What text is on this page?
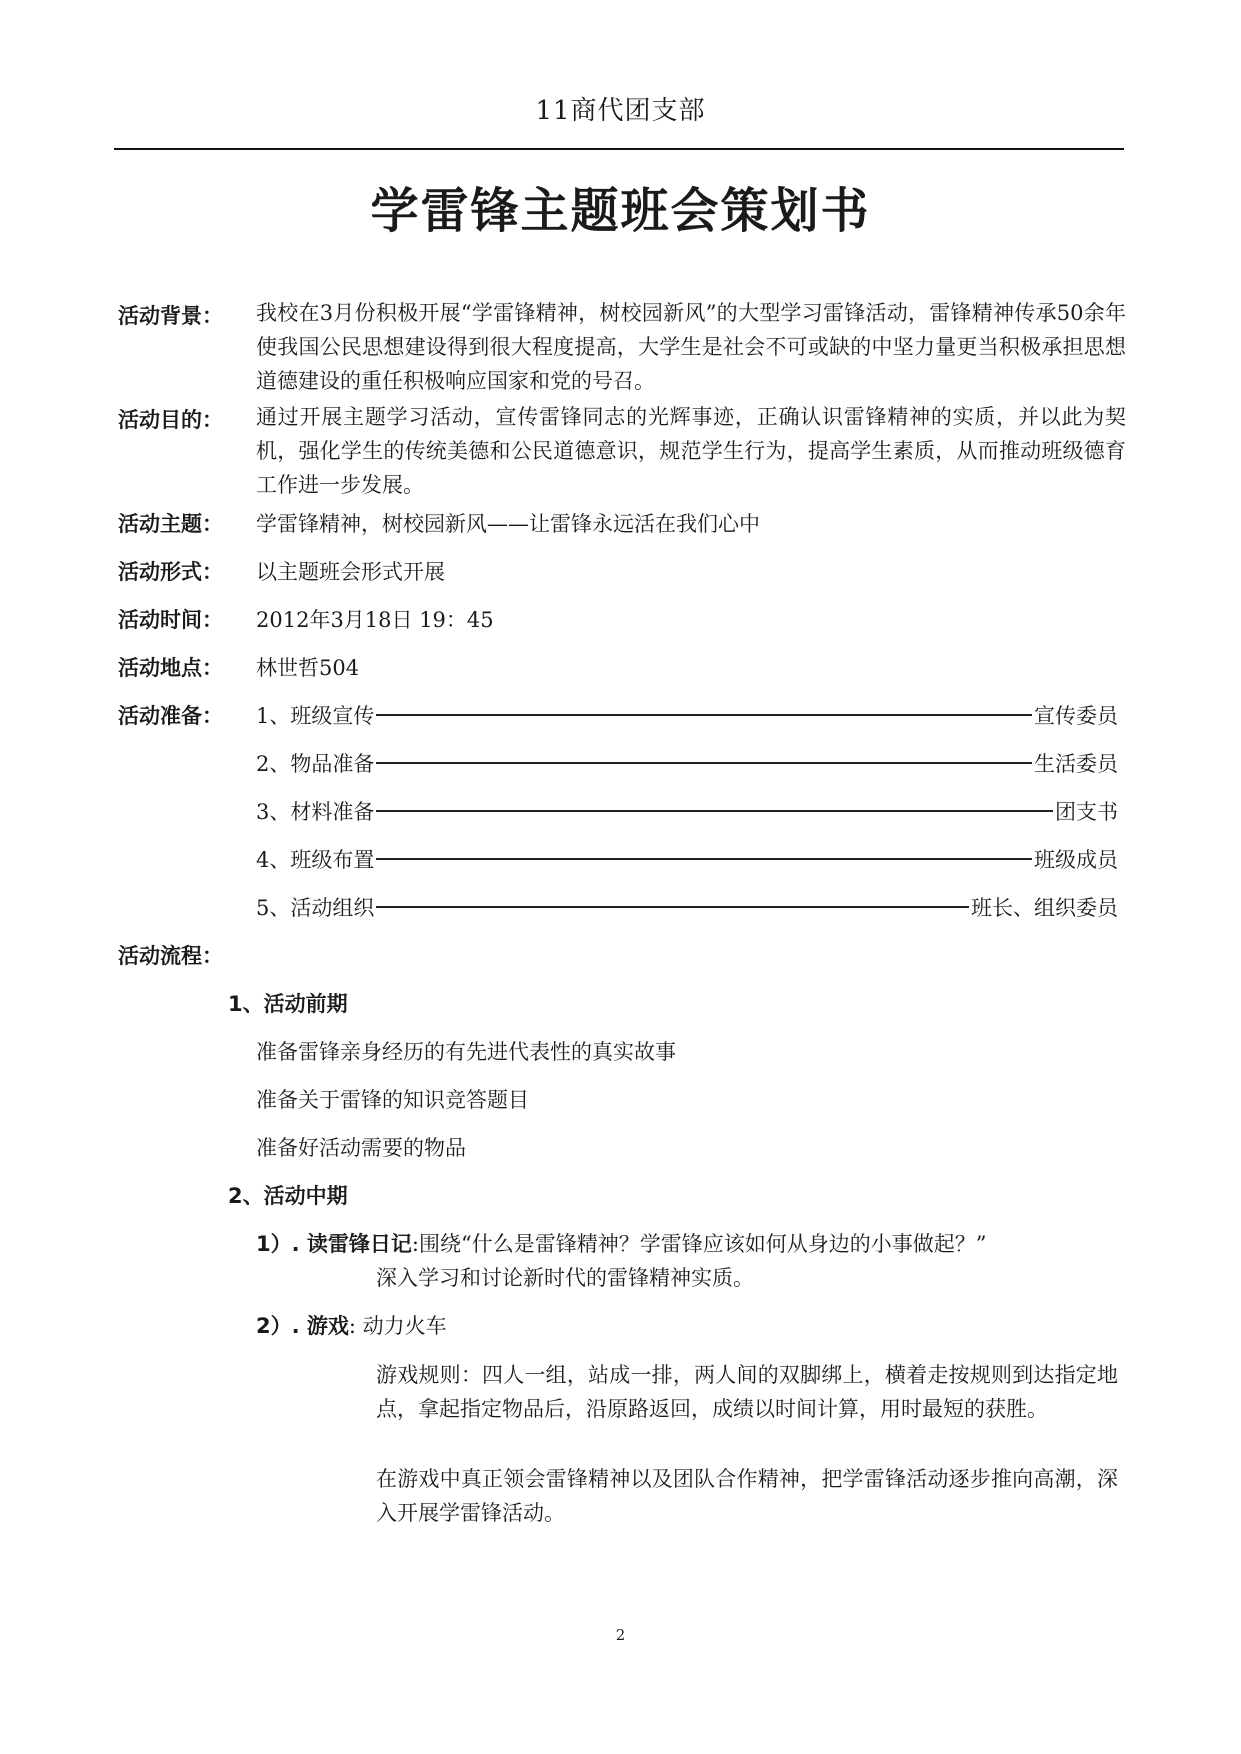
11商代团支部
学雷锋主题班会策划书
活动背景： 我校在3月份积极开展“学雷锋精神，树校园新风”的大型学习雷锋活动，雷锋精神传承50余年使我国公民思想建设得到很大程度提高，大学生是社会不可或缺的中坚力量更当积极承担思想道德建设的重任积极响应国家和党的号召。
活动目的： 通过开展主题学习活动，宣传雷锋同志的光辉事迹，正确认识雷锋精神的实质，并以此为契机，强化学生的传统美德和公民道德意识，规范学生行为，提高学生素质，从而推动班级德育工作进一步发展。
活动主题： 学雷锋精神，树校园新风——让雷锋永远活在我们心中
活动形式： 以主题班会形式开展
活动时间： 2012年3月18日 19：45
活动地点： 林世哲504
活动准备： 1、班级宣传	宣传委员
2、物品准备	生活委员
3、材料准备	团支书
4、班级布置	班级成员
5、活动组织	班长、组织委员
活动流程：
1、活动前期
准备雷锋亲身经历的有先进代表性的真实故事
准备关于雷锋的知识竞答题目
准备好活动需要的物品
2、活动中期
1）. 读雷锋日记:围绕“什么是雷锋精神？学雷锋应该如何从身边的小事做起？”
深入学习和讨论新时代的雷锋精神实质。
2）. 游戏: 动力火车
游戏规则：四人一组，站成一排，两人间的双脚绑上，横着走按规则到达指定地点，拿起指定物品后，沿原路返回，成绩以时间计算，用时最短的获胜。
在游戏中真正领会雷锋精神以及团队合作精神，把学雷锋活动逐步推向高潮，深入开展学雷锋活动。
2
